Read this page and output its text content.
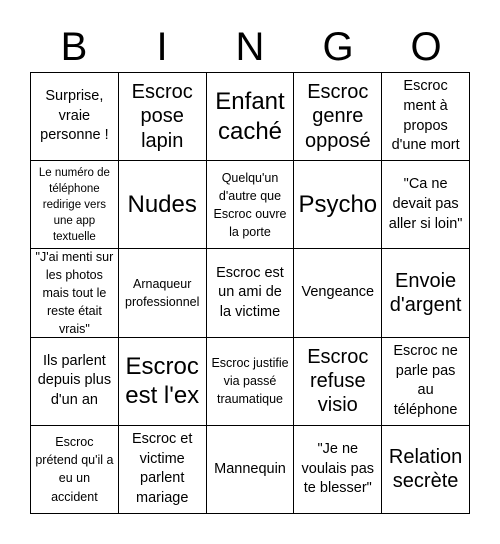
B	I	N	G	O
Surprise, vraie personne !
Escroc pose lapin
Enfant caché
Escroc genre opposé
Escroc ment à propos d'une mort
Le numéro de téléphone redirige vers une app textuelle
Nudes
Quelqu'un d'autre que Escroc ouvre la porte
Psycho
"Ca ne devait pas aller si loin"
"J'ai menti sur les photos mais tout le reste était vrais"
Arnaqueur professionnel
Escroc est un ami de la victime
Vengeance
Envoie d'argent
Ils parlent depuis plus d'un an
Escroc est l'ex
Escroc justifie via passé traumatique
Escroc refuse visio
Escroc ne parle pas au téléphone
Escroc prétend qu'il a eu un accident
Escroc et victime parlent mariage
Mannequin
"Je ne voulais pas te blesser"
Relation secrète
